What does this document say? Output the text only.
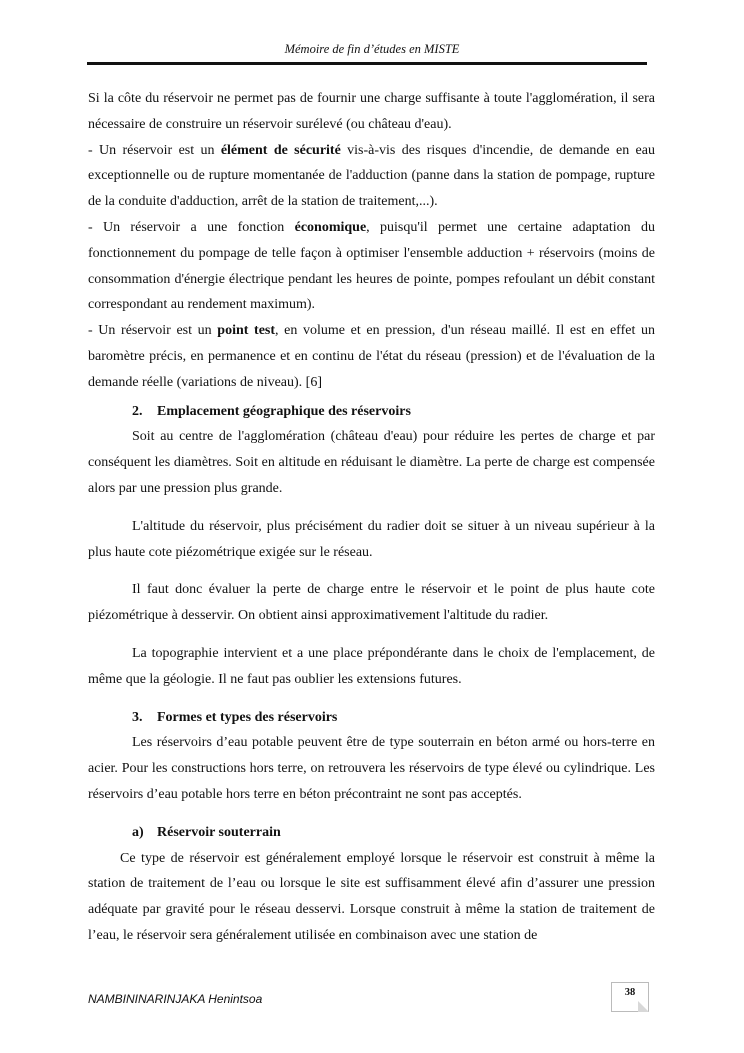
Mémoire de fin d’études en MISTE

Si la côte du réservoir ne permet pas de fournir une charge suffisante à toute l'agglomération, il sera nécessaire de construire un réservoir surélevé (ou château d'eau).

- Un réservoir est un élément de sécurité vis-à-vis des risques d'incendie, de demande en eau exceptionnelle ou de rupture momentanée de l'adduction (panne dans la station de pompage, rupture de la conduite d'adduction, arrêt de la station de traitement,...).

- Un réservoir a une fonction économique, puisqu'il permet une certaine adaptation du fonctionnement du pompage de telle façon à optimiser l'ensemble adduction + réservoirs (moins de consommation d'énergie électrique pendant les heures de pointe, pompes refoulant un débit constant correspondant au rendement maximum).

- Un réservoir est un point test, en volume et en pression, d'un réseau maillé. Il est en effet un baromètre précis, en permanence et en continu de l'état du réseau (pression) et de l'évaluation de la demande réelle (variations de niveau). [6]

2. Emplacement géographique des réservoirs

Soit au centre de l'agglomération (château d'eau) pour réduire les pertes de charge et par conséquent les diamètres. Soit en altitude en réduisant le diamètre. La perte de charge est compensée alors par une pression plus grande.

L'altitude du réservoir, plus précisément du radier doit se situer à un niveau supérieur à la plus haute cote piézométrique exigée sur le réseau.

Il faut donc évaluer la perte de charge entre le réservoir et le point de plus haute cote piézométrique à desservir. On obtient ainsi approximativement l'altitude du radier.

La topographie intervient et a une place prépondérante dans le choix de l'emplacement, de même que la géologie. Il ne faut pas oublier les extensions futures.

3. Formes et types des réservoirs

Les réservoirs d’eau potable peuvent être de type souterrain en béton armé ou hors-terre en acier. Pour les constructions hors terre, on retrouvera les réservoirs de type élevé ou cylindrique. Les réservoirs d’eau potable hors terre en béton précontraint ne sont pas acceptés.

a) Réservoir souterrain

Ce type de réservoir est généralement employé lorsque le réservoir est construit à même la station de traitement de l’eau ou lorsque le site est suffisamment élevé afin d’assurer une pression adéquate par gravité pour le réseau desservi. Lorsque construit à même la station de traitement de l’eau, le réservoir sera généralement utilisée en combinaison avec une station de

NAMBININARINJAKA Henintsoa	38
